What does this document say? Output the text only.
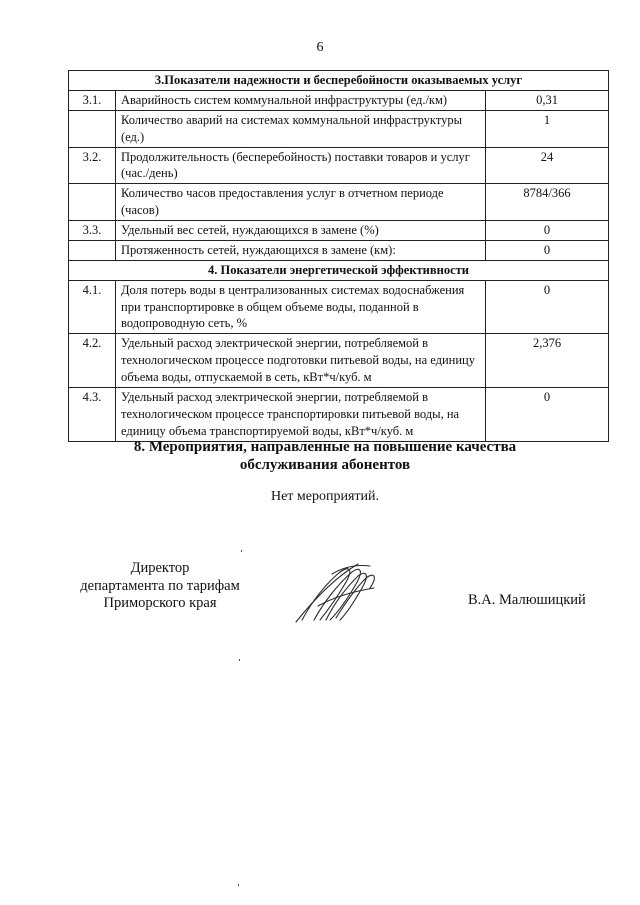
6
3.Показатели надежности и бесперебойности оказываемых услуг		
3.1.	Аварийность систем коммунальной инфраструктуры (ед./км)	0,31
	Количество аварий на системах коммунальной инфраструктуры (ед.)	1
3.2.	Продолжительность (бесперебойность) поставки товаров и услуг (час./день)	24
	Количество часов предоставления услуг в отчетном периоде (часов)	8784/366
3.3.	Удельный вес сетей, нуждающихся в замене (%)	0
	Протяженность сетей, нуждающихся в замене (км):	0
4. Показатели энергетической эффективности		
4.1.	Доля потерь воды в централизованных системах водоснабжения при транспортировке в общем объеме воды, поданной в водопроводную сеть, %	0
4.2.	Удельный расход электрической энергии, потребляемой в технологическом процессе подготовки питьевой воды, на единицу объема воды, отпускаемой в сеть, кВт*ч/куб. м	2,376
4.3.	Удельный расход электрической энергии, потребляемой в технологическом процессе транспортировки питьевой воды, на единицу объема транспортируемой воды, кВт*ч/куб. м	0
8. Мероприятия, направленные на повышение качества
обслуживания абонентов
Нет мероприятий.
Директор
департамента по тарифам
Приморского края	В.А. Малюшицкий
